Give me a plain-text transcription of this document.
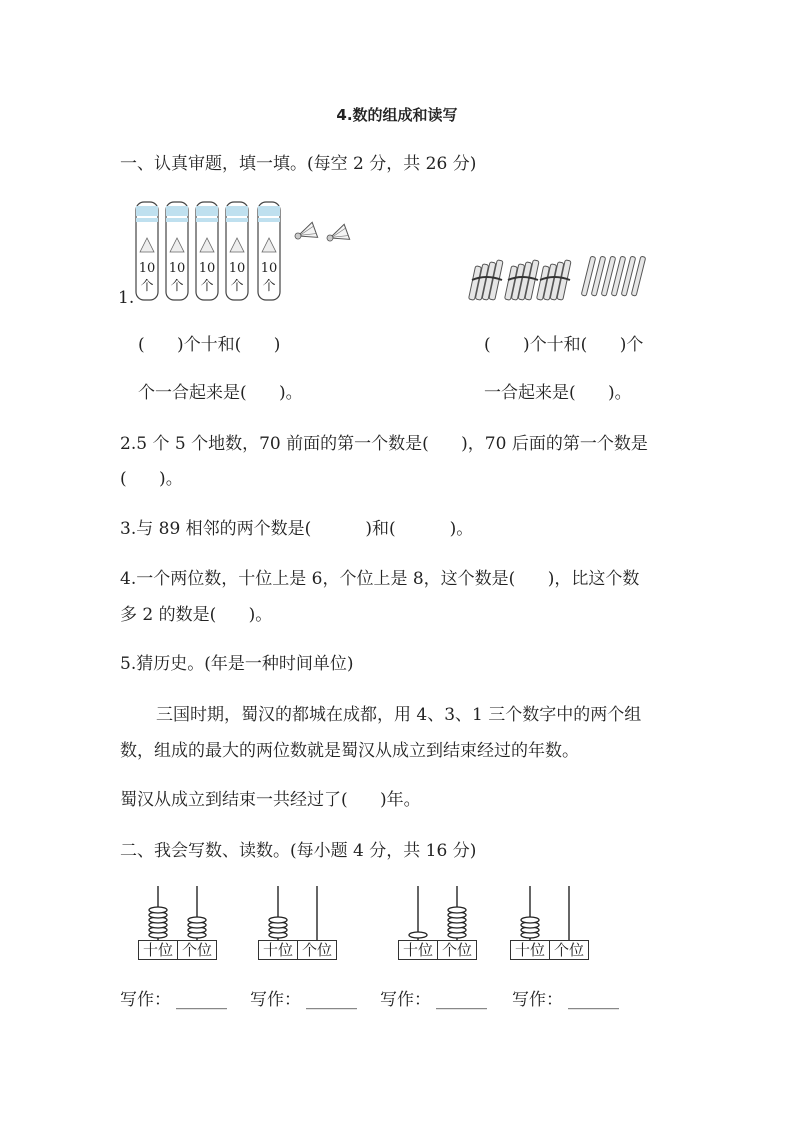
4.数的组成和读写
一、认真审题，填一填。(每空 2 分，共 26 分)
10
个
10
个
10
个
10
个
10
个
1.
(      )个十和(      )
个一合起来是(      )。
(      )个十和(      )个
一合起来是(      )。
2.5 个 5 个地数，70 前面的第一个数是(      )，70 后面的第一个数是
(      )。
3.与 89 相邻的两个数是(          )和(          )。
4.一个两位数，十位上是 6，个位上是 8，这个数是(      )，比这个数
多 2 的数是(      )。
5.猜历史。(年是一种时间单位)
三国时期，蜀汉的都城在成都，用 4、3、1 三个数字中的两个组
数，组成的最大的两位数就是蜀汉从成立到结束经过的年数。
蜀汉从成立到结束一共经过了(      )年。
二、我会写数、读数。(每小题 4 分，共 16 分)
十位 个位	十位 个位	十位 个位	十位 个位
写作： ______ 写作： ______ 写作： ______ 写作： ______
